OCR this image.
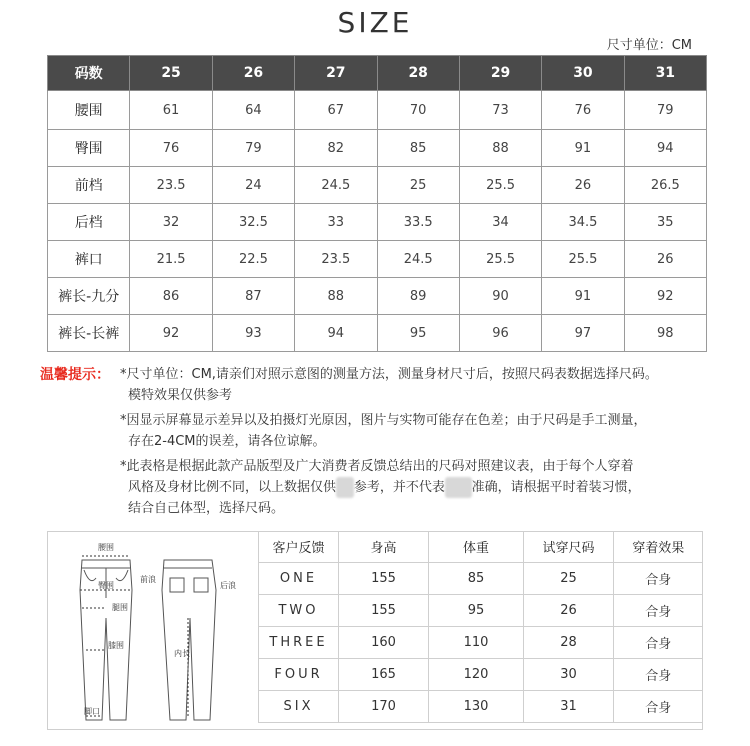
SIZE
尺寸单位：CM
码数	25	26	27	28	29	30	31
腰围	61	64	67	70	73	76	79
臀围	76	79	82	85	88	91	94
前档	23.5	24	24.5	25	25.5	26	26.5
后档	32	32.5	33	33.5	34	34.5	35
裤口	21.5	22.5	23.5	24.5	25.5	25.5	26
裤长-九分	86	87	88	89	90	91	92
裤长-长裤	92	93	94	95	96	97	98
温馨提示： *尺寸单位：CM,请亲们对照示意图的测量方法，测量身材尺寸后，按照尺码表数据选择尺码。
模特效果仅供参考
*因显示屏幕显示差异以及拍摄灯光原因，图片与实物可能存在色差；由于尺码是手工测量，
存在2-4CM的误差，请各位谅解。
*此表格是根据此款产品版型及广大消费者反馈总结出的尺码对照建议表，由于每个人穿着
风格及身材比例不同，以上数据仅供 参考，并不代表 准确，请根据平时着装习惯，
结合自己体型，选择尺码。
腰围
臀围
腿围
膝围
前浪
后浪
内长
脚口
客户反馈	身高	体重	试穿尺码	穿着效果
ONE	155	85	25	合身
TWO	155	95	26	合身
THREE	160	110	28	合身
FOUR	165	120	30	合身
SIX	170	130	31	合身
